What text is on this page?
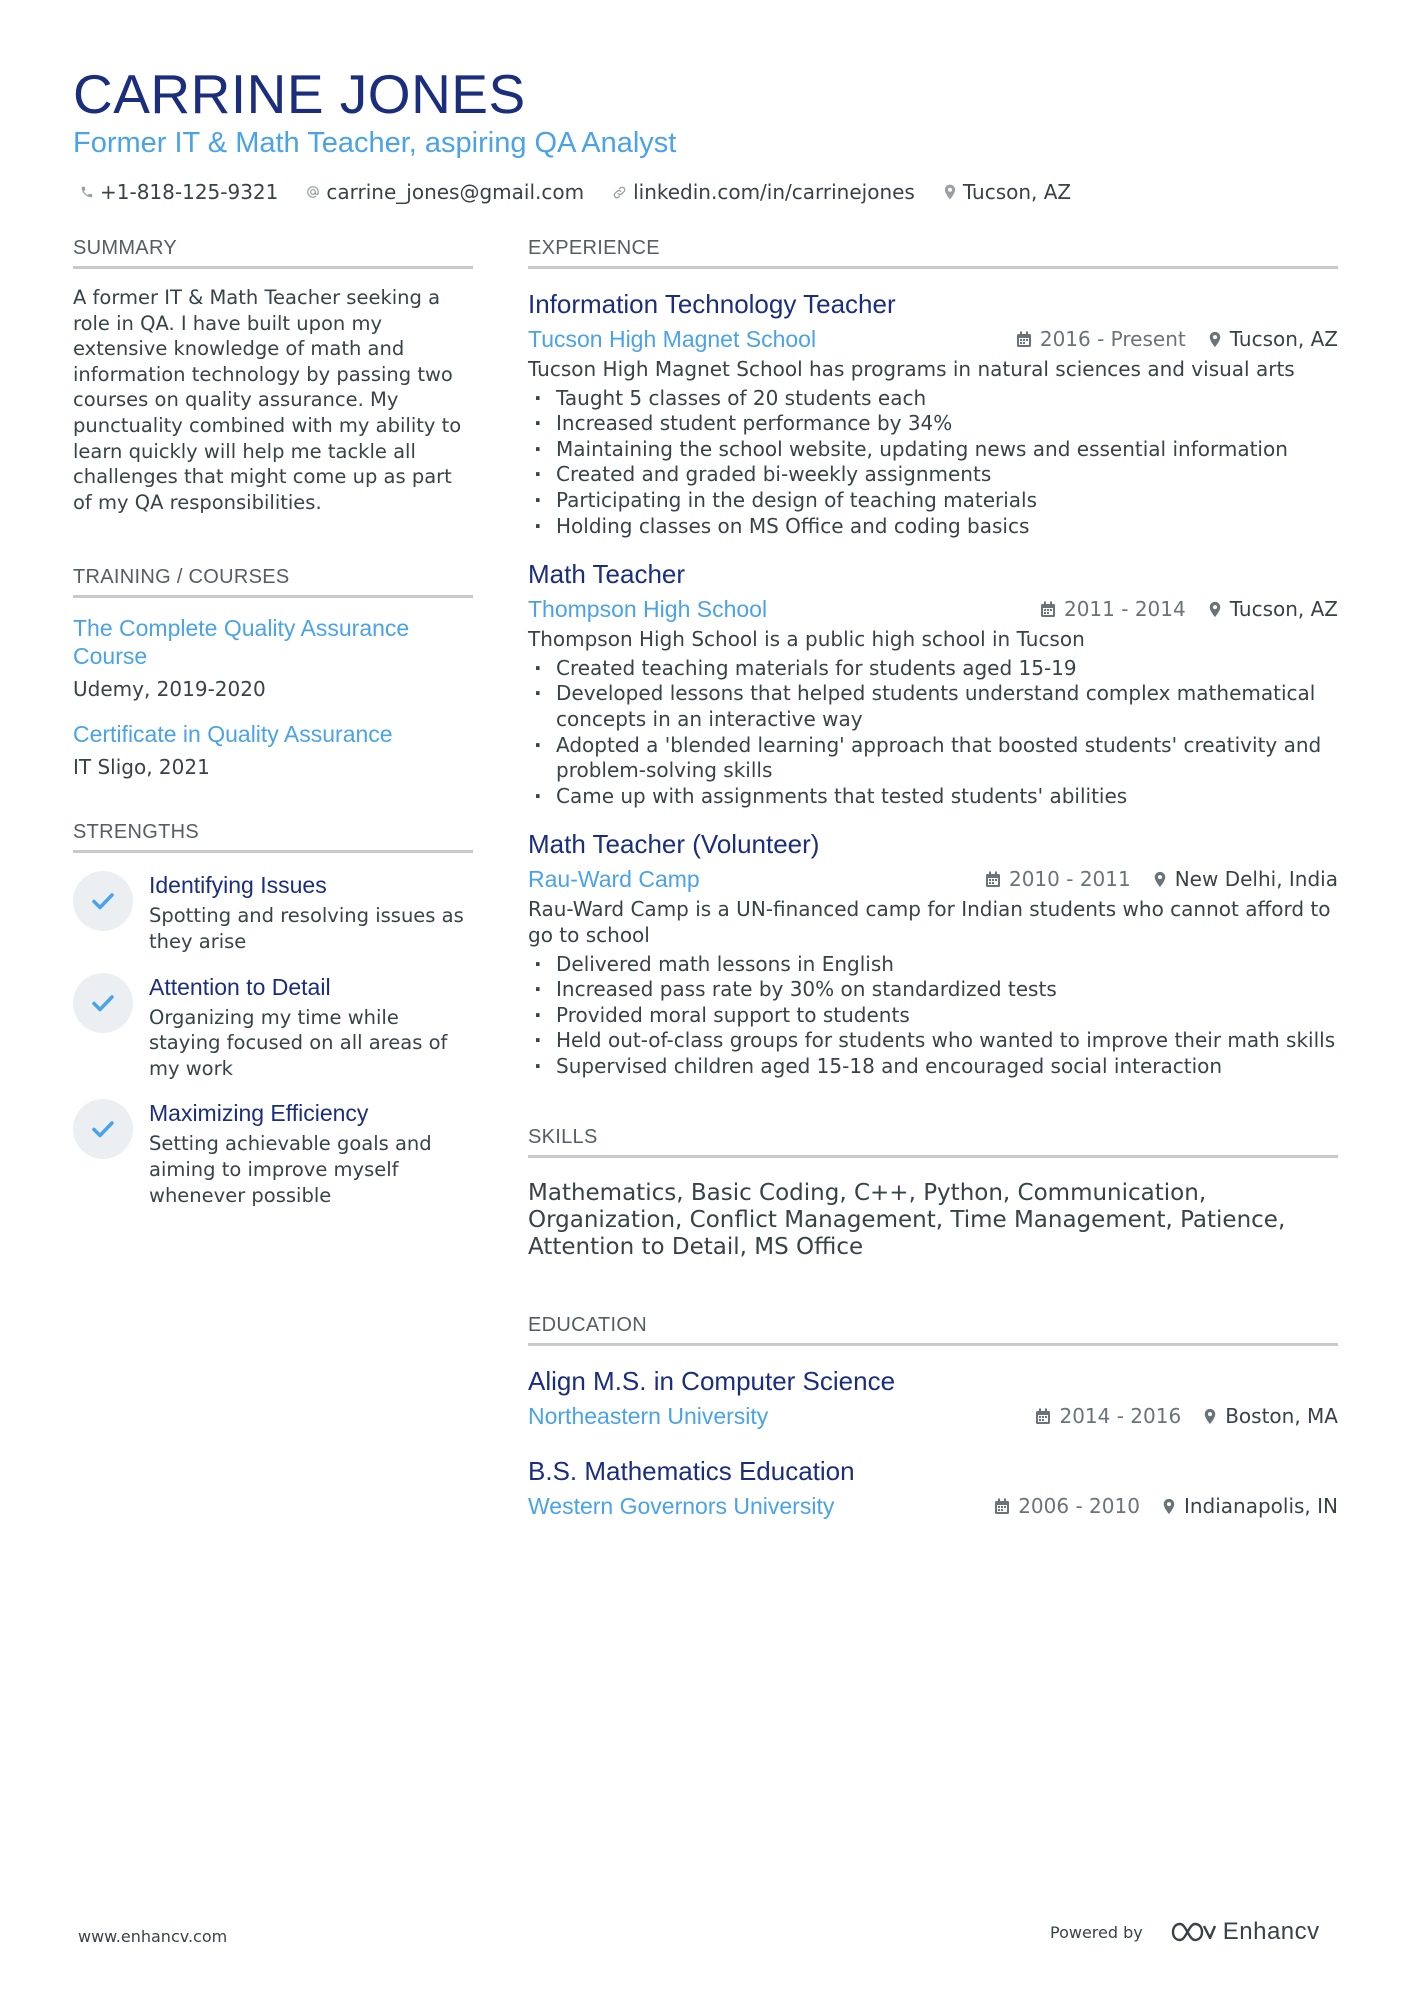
CARRINE JONES
Former IT & Math Teacher, aspiring QA Analyst
+1-818-125-9321 carrine_jones@gmail.com linkedin.com/in/carrinejones Tucson, AZ
SUMMARY
A former IT & Math Teacher seeking a role in QA. I have built upon my extensive knowledge of math and information technology by passing two courses on quality assurance. My punctuality combined with my ability to learn quickly will help me tackle all challenges that might come up as part of my QA responsibilities.
TRAINING / COURSES
The Complete Quality Assurance Course
Udemy, 2019-2020
Certificate in Quality Assurance
IT Sligo, 2021
STRENGTHS
Identifying Issues
Spotting and resolving issues as they arise
Attention to Detail
Organizing my time while staying focused on all areas of my work
Maximizing Efficiency
Setting achievable goals and aiming to improve myself whenever possible
EXPERIENCE
Information Technology Teacher
Tucson High Magnet School	2016 - Present Tucson, AZ
Tucson High Magnet School has programs in natural sciences and visual arts
· Taught 5 classes of 20 students each
· Increased student performance by 34%
· Maintaining the school website, updating news and essential information
· Created and graded bi-weekly assignments
· Participating in the design of teaching materials
· Holding classes on MS Office and coding basics
Math Teacher
Thompson High School	2011 - 2014 Tucson, AZ
Thompson High School is a public high school in Tucson
· Created teaching materials for students aged 15-19
· Developed lessons that helped students understand complex mathematical concepts in an interactive way
· Adopted a 'blended learning' approach that boosted students' creativity and problem-solving skills
· Came up with assignments that tested students' abilities
Math Teacher (Volunteer)
Rau-Ward Camp	2010 - 2011 New Delhi, India
Rau-Ward Camp is a UN-financed camp for Indian students who cannot afford to go to school
· Delivered math lessons in English
· Increased pass rate by 30% on standardized tests
· Provided moral support to students
· Held out-of-class groups for students who wanted to improve their math skills
· Supervised children aged 15-18 and encouraged social interaction
SKILLS
Mathematics, Basic Coding, C++, Python, Communication, Organization, Conflict Management, Time Management, Patience, Attention to Detail, MS Office
EDUCATION
Align M.S. in Computer Science
Northeastern University	2014 - 2016 Boston, MA
B.S. Mathematics Education
Western Governors University	2006 - 2010 Indianapolis, IN
www.enhancv.com	Powered by	Enhancv
